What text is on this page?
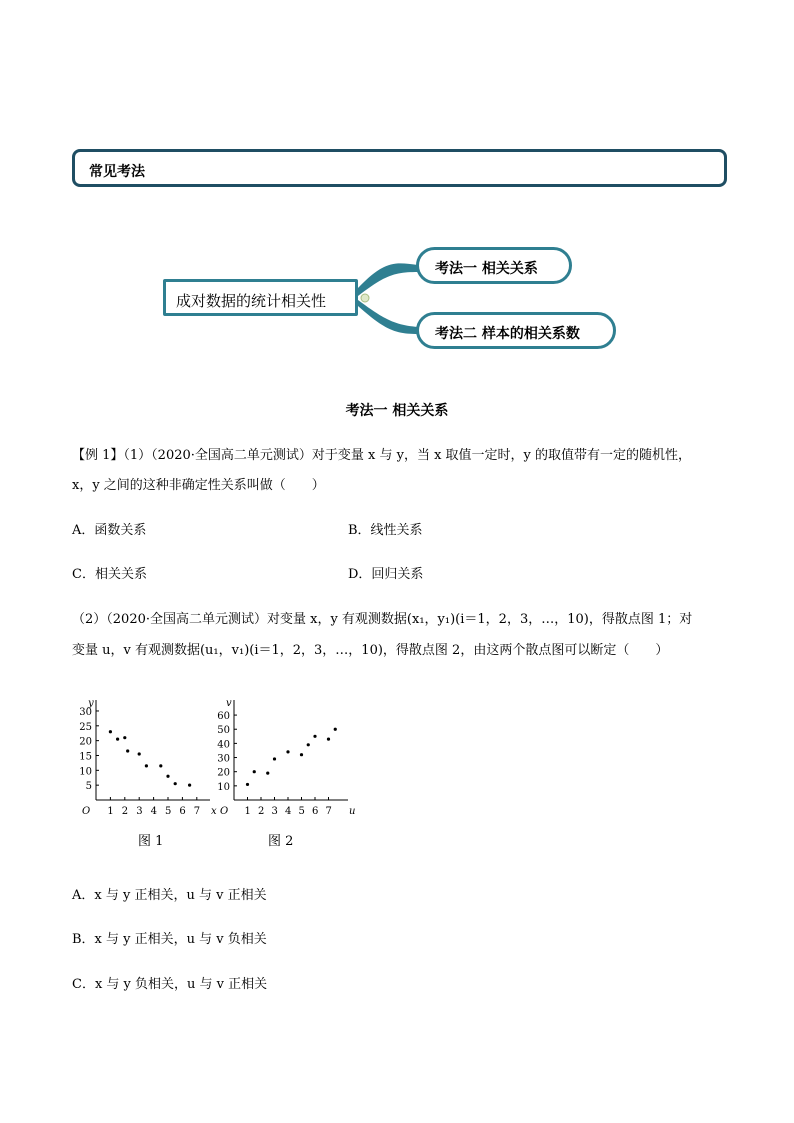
常见考法
成对数据的统计相关性
考法一 相关关系
考法二 样本的相关系数
考法一 相关关系
【例 1】（1）（2020·全国高二单元测试）对于变量 x 与 y，当 x 取值一定时，y 的取值带有一定的随机性，
x，y 之间的这种非确定性关系叫做（　　）
A．函数关系	B．线性关系
C．相关关系	D．回归关系
（2）（2020·全国高二单元测试）对变量 x，y 有观测数据(x₁，y₁)(i＝1，2，3，…，10)，得散点图 1；对
变量 u，v 有观测数据(u₁，v₁)(i＝1，2，3，…，10)，得散点图 2，由这两个散点图可以断定（　　）
x
y
O 1 2 3 4 5 6 7
5
10
15
20
25
30
图 1
u
v
O 1 2 3 4 5 6 7
10
20
30
40
50
60
图 2
A．x 与 y 正相关，u 与 v 正相关
B．x 与 y 正相关，u 与 v 负相关
C．x 与 y 负相关，u 与 v 正相关
